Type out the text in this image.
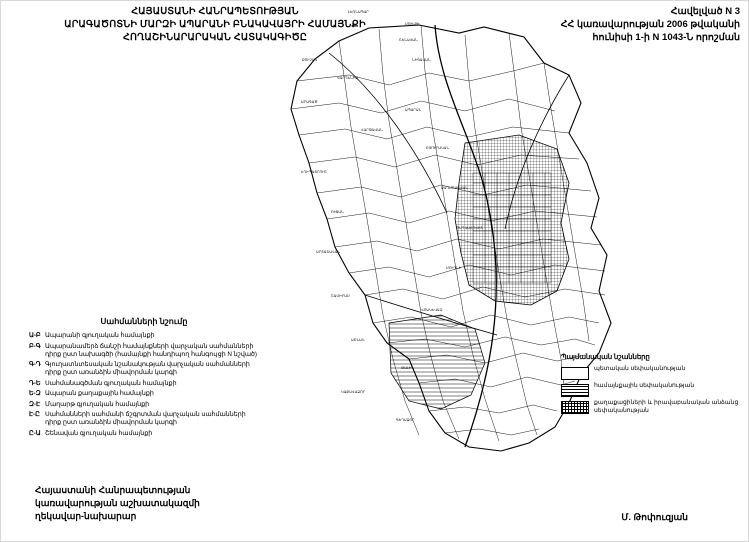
ՀԱՅԱՍՏԱՆԻ ՀԱՆՐԱՊԵՏՈՒԹՅԱՆ
ԱՐԱԳԱԾՈՏՆԻ ՄԱՐԶԻ ԱՊԱՐԱՆԻ ԲՆԱԿԱՎԱՅՐԻ ՀԱՄԱՅՆՔԻ
ՀՈՂԱՇԻՆԱՐԱՐԱԿԱՆ ՀԱՏԱԿԱԳԻԾԸ
Հավելված N 3
ՀՀ կառավարության 2006 թվականի
հունիսի 1-ի N 1043-Ն որոշման
ԼԵՌՆԱՊԱՐ
ՄՈՒԼՔԻ
ՇԵՆԱՎԱՆ
ՔՈՒՉԱԿ	ՆԻԳԱՎԱՆ
ՎԱՐԴԵՆԻՍ
ԱՐԱԳԱԾ
ԱՊԱՐԱՆ
ՀԱՐԹԱՎԱՆ
ԲՅՈՒՐԱԿԱՆ
ԵՂԻՊԱՏՐՈՒՇ
ՍԱՂՄՈՍԱՎԱՆ
ՈՒՋԱՆ
ԾԱՂԿԱՀՈՎԻՏ
ԱՐՏԱՇԱՎԱՆ
ՄՈՒՂՆԻ
ՇԱՄԻՐԱՄ
ՎՈՍԿԵՎԱԶ
ԱՇՆԱԿ
ԹԱԼԻՆ
ԿԱՔԱՎԱՁՈՐ
ԳԵՂԱՁՈՐ
Սահմանների նշումը
Ա-Բ Ապարանի գյուղական համայնքի
Բ-Գ Ապարանամերձ ճանշի համայնքների վարչական սահմանների դիրք ըստ նախագծի (համայնքի հանդիպող հանգույցի N նշված)
Գ-Դ Գյուղատնտեսական նշանակության վարչական սահմանների դիրք ըստ առանձին միավորման կարգի
Դ-Ե Սահմանագծման գյուղական համայնքի
Ե-Զ Ապարան քաղաքային համայնքի
Զ-Է Մաղարթ գյուղական համայնքի
Է-Ը Սահմանների սահմանի ճշգրտման վարչական սահմանների դիրք ըստ առանձին միավորման կարգի
Ը-Ա Շենավան գյուղական համայնքի
Պայմանական նշանները
պետական սեփականության
համայնքային սեփականության
քաղաքացիների և իրավաբանական անձանց սեփականության
Հայաստանի Հանրապետության
կառավարության աշխատակազմի
ղեկավար-նախարար	Մ. Թոփուզյան
